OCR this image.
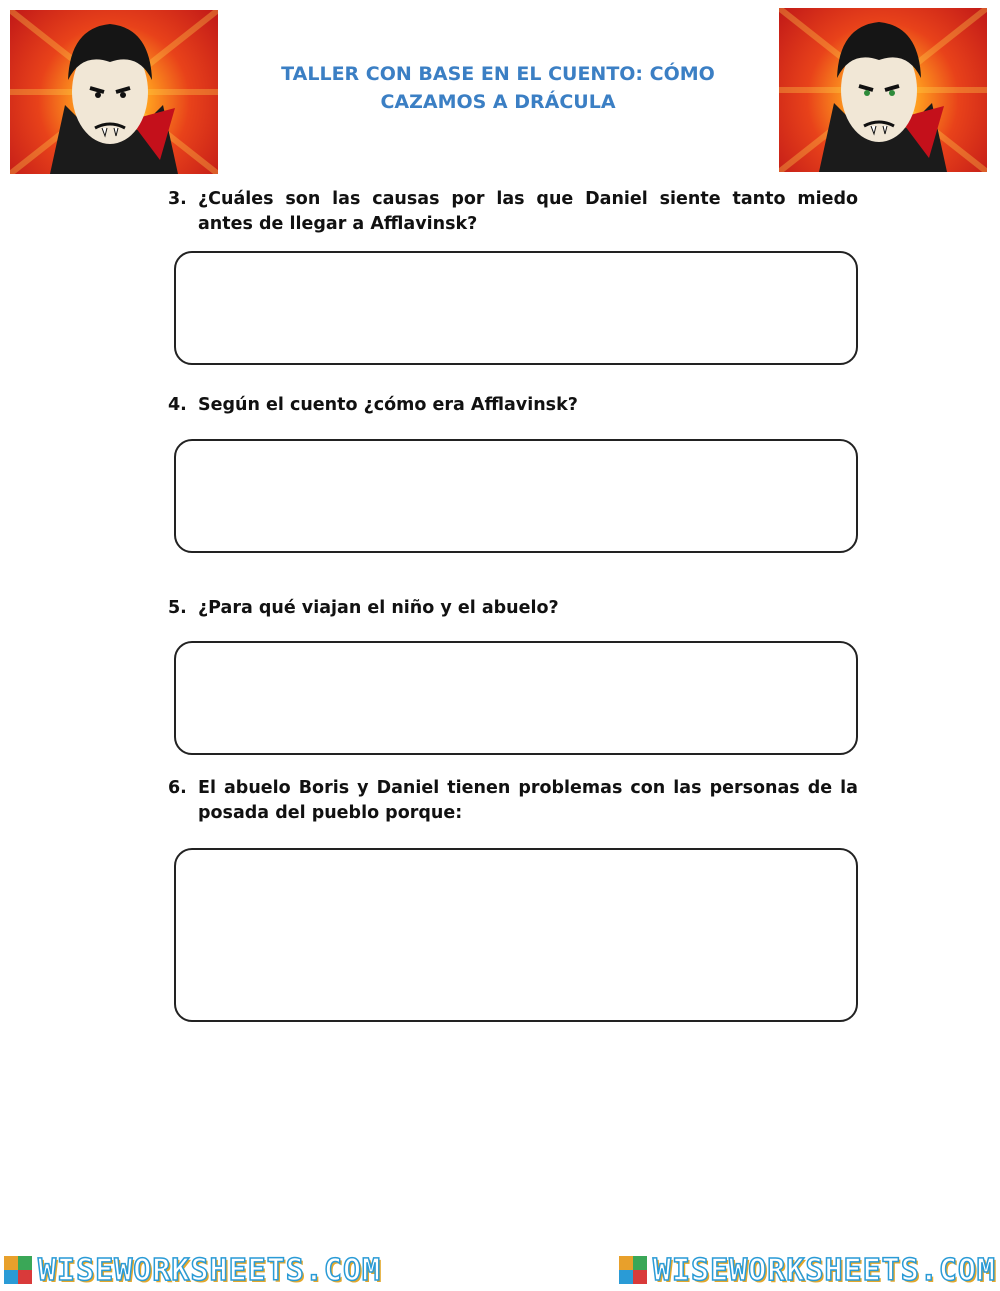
TALLER CON BASE EN EL CUENTO: CÓMO
CAZAMOS A DRÁCULA
3. ¿Cuáles son las causas por las que Daniel siente tanto miedo antes de llegar a Afflavinsk?
4. Según el cuento ¿cómo era Afflavinsk?
5. ¿Para qué viajan el niño y el abuelo?
6. El abuelo Boris y Daniel tienen problemas con las personas de la posada del pueblo porque:
WISEWORKSHEETS.COM	WISEWORKSHEETS.COM
